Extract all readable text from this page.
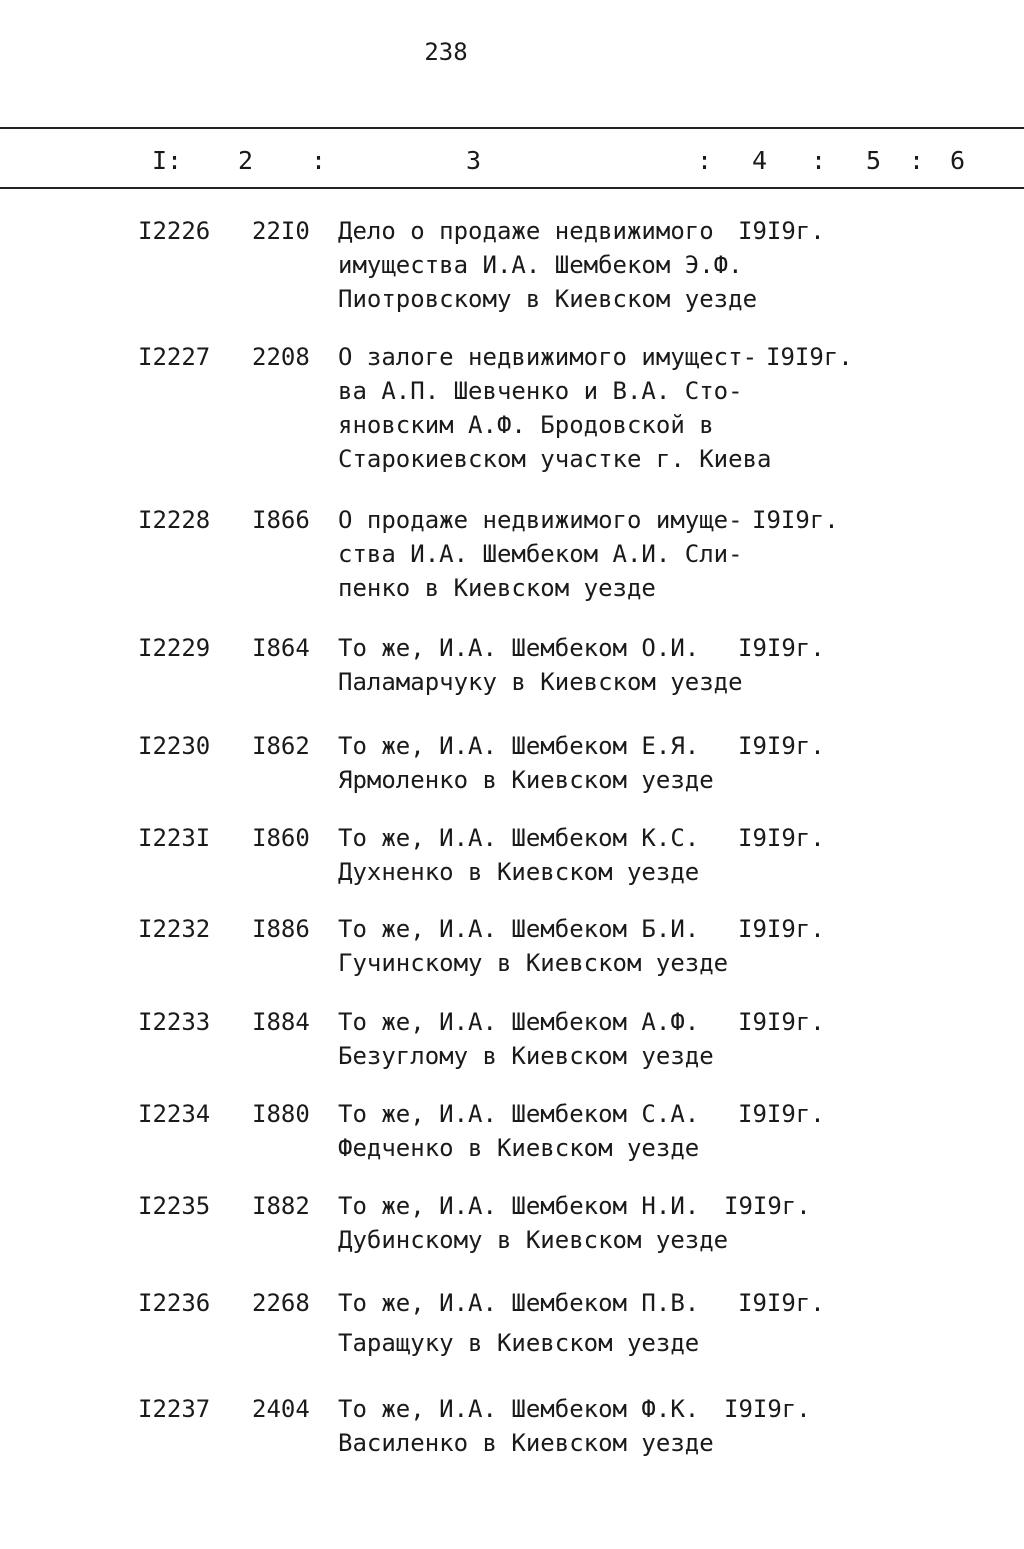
238
I: 2 :	3	: 4 : 5 : 6
I2226 22I0 Дело о продаже недвижимого
имущества И.А. Шембеком Э.Ф.
Пиотровскому в Киевском уезде
I9I9г.
I2227 2208 О залоге недвижимого имущест-
ва А.П. Шевченко и В.А. Сто-
яновским А.Ф. Бродовской в
Старокиевском участке г. Киева
I9I9г.
I2228 I866 О продаже недвижимого имуще-
ства И.А. Шембеком А.И. Сли-
пенко в Киевском уезде
I9I9г.
I2229 I864 То же, И.А. Шембеком О.И.
Паламарчуку в Киевском уезде
I9I9г.
I2230 I862 То же, И.А. Шембеком Е.Я.
Ярмоленко в Киевском уезде
I9I9г.
I223I I860 То же, И.А. Шембеком К.С.
Духненко в Киевском уезде
I9I9г.
I2232 I886 То же, И.А. Шембеком Б.И.
Гучинскому в Киевском уезде
I9I9г.
I2233 I884 То же, И.А. Шембеком А.Ф.
Безуглому в Киевском уезде
I9I9г.
I2234 I880 То же, И.А. Шембеком С.А.
Федченко в Киевском уезде
I9I9г.
I2235 I882 То же, И.А. Шембеком Н.И.
Дубинскому в Киевском уезде
I9I9г.
I2236 2268 То же, И.А. Шембеком П.В.
Таращуку в Киевском уезде
I9I9г.
I2237 2404 То же, И.А. Шембеком Ф.К.
Василенко в Киевском уезде
I9I9г.
